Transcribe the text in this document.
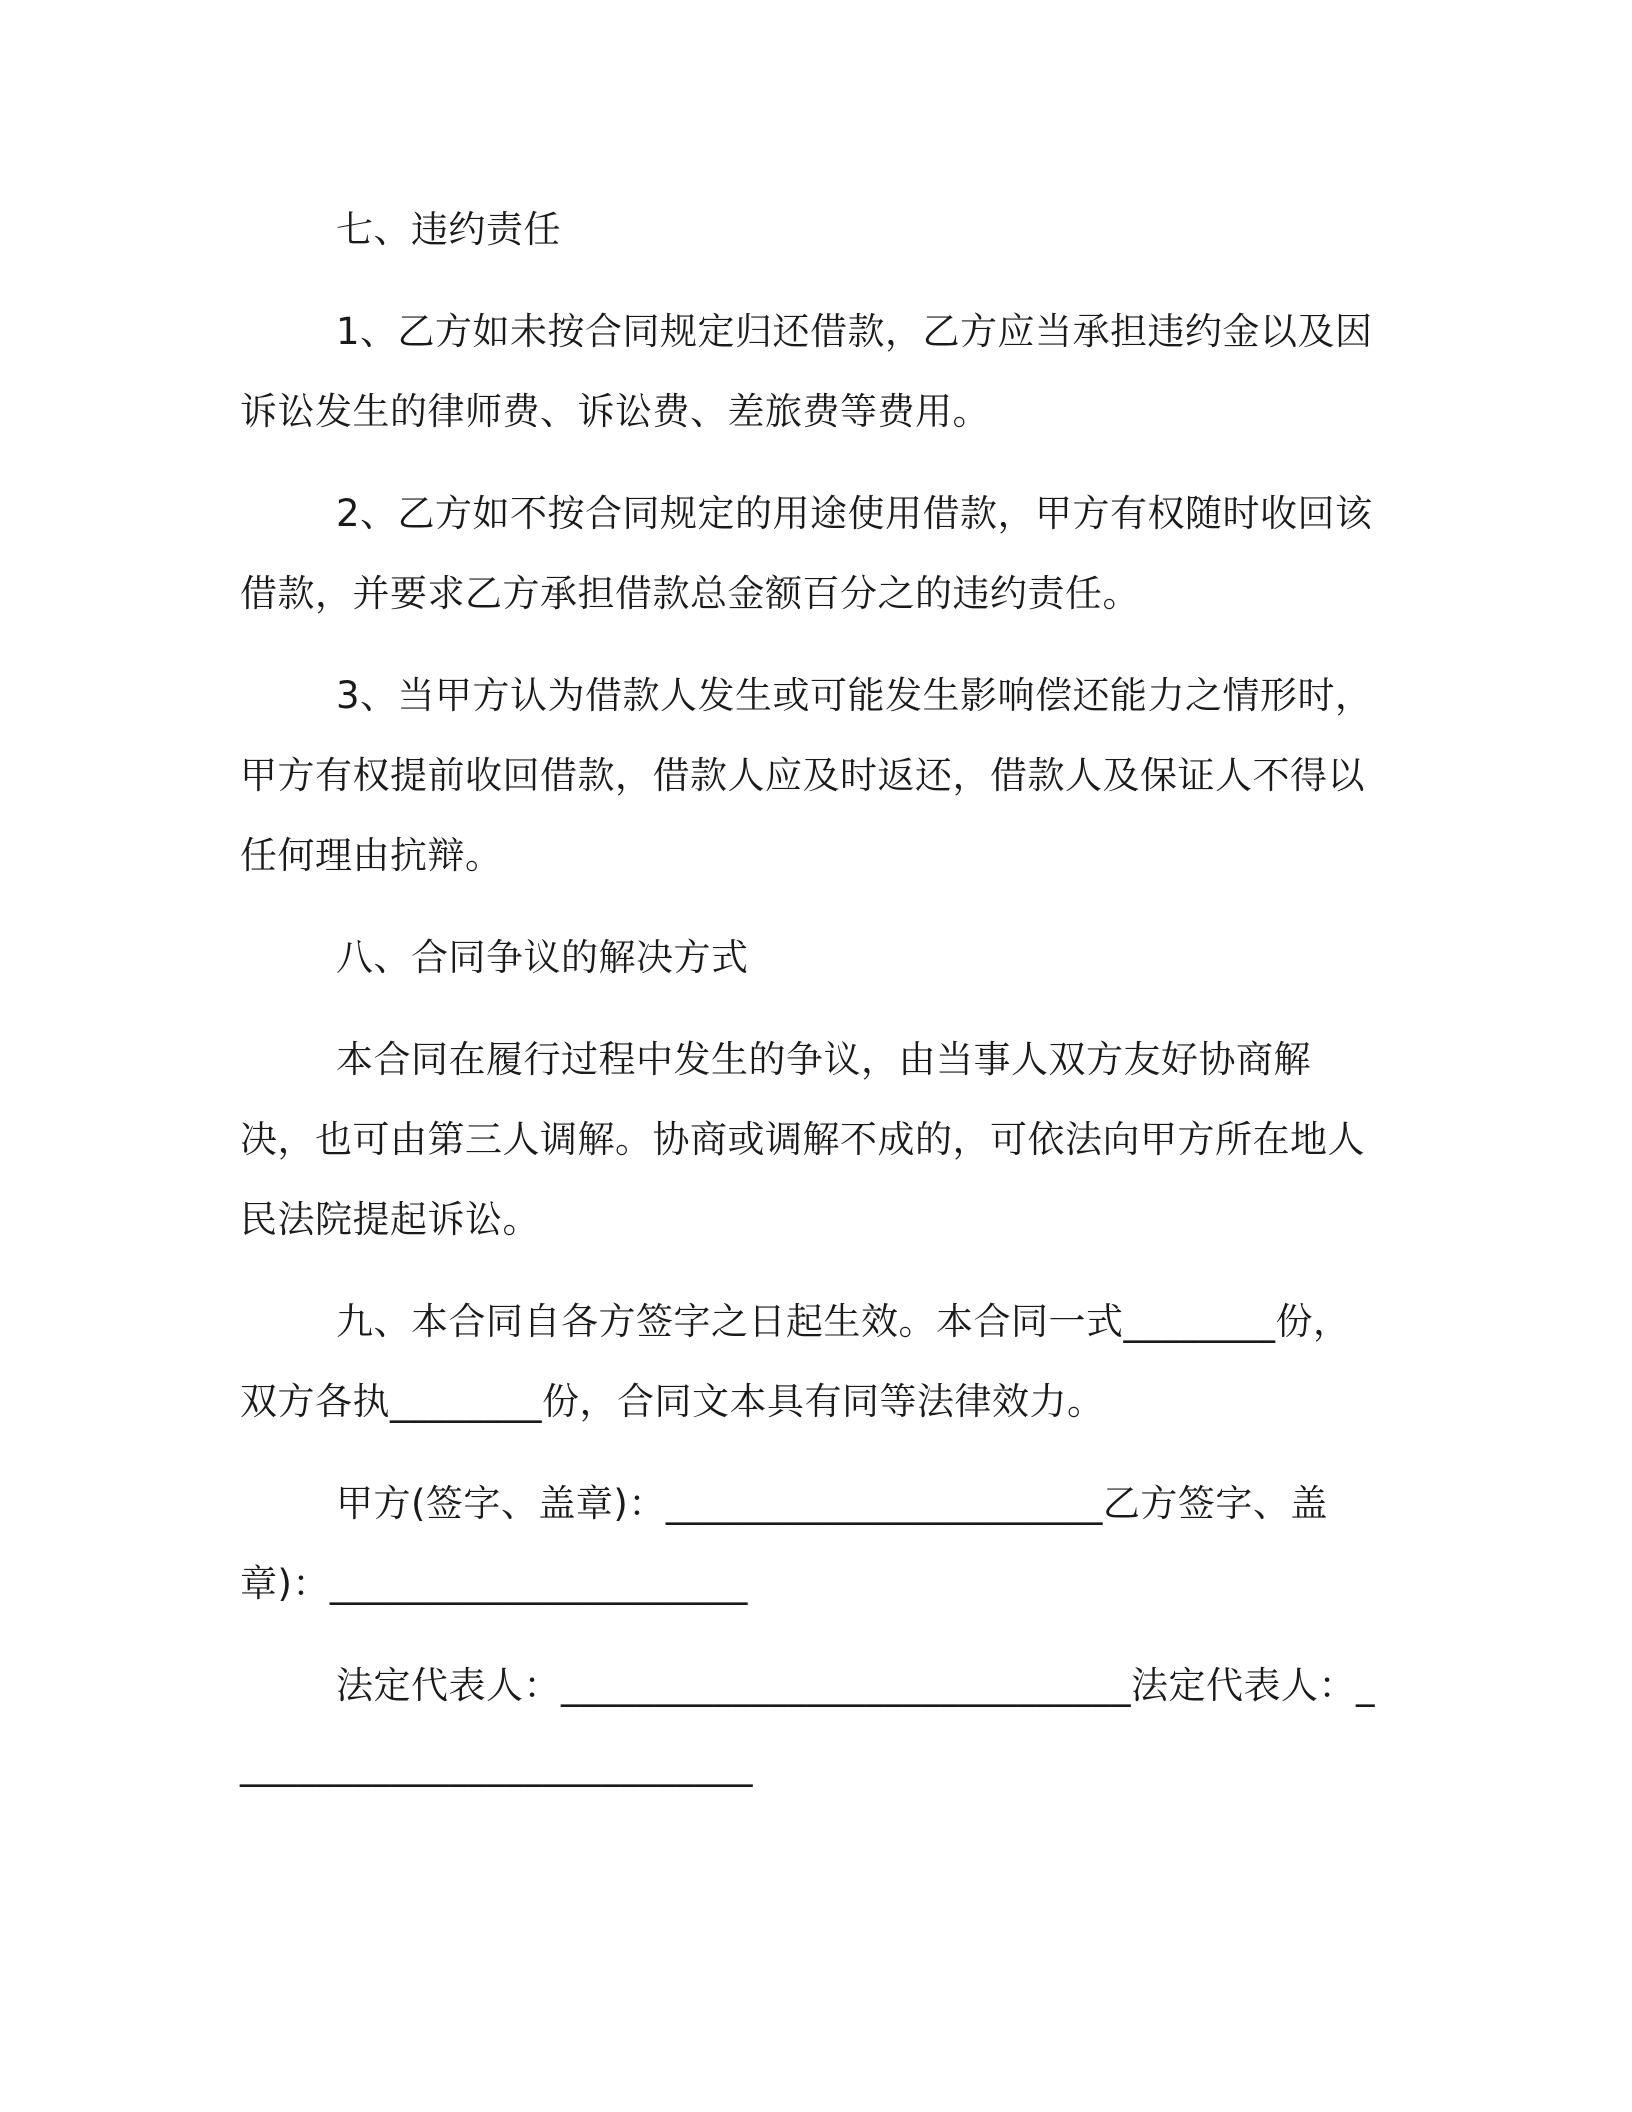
七、违约责任

1、乙方如未按合同规定归还借款，乙方应当承担违约金以及因诉讼发生的律师费、诉讼费、差旅费等费用。

2、乙方如不按合同规定的用途使用借款，甲方有权随时收回该借款，并要求乙方承担借款总金额百分之的违约责任。

3、当甲方认为借款人发生或可能发生影响偿还能力之情形时，甲方有权提前收回借款，借款人应及时返还，借款人及保证人不得以任何理由抗辩。

八、合同争议的解决方式

本合同在履行过程中发生的争议，由当事人双方友好协商解决，也可由第三人调解。协商或调解不成的，可依法向甲方所在地人民法院提起诉讼。

九、本合同自各方签字之日起生效。本合同一式________份，双方各执________份，合同文本具有同等法律效力。

甲方(签字、盖章)：_______________________乙方签字、盖章)：______________________

法定代表人：______________________________法定代表人：____________________________
